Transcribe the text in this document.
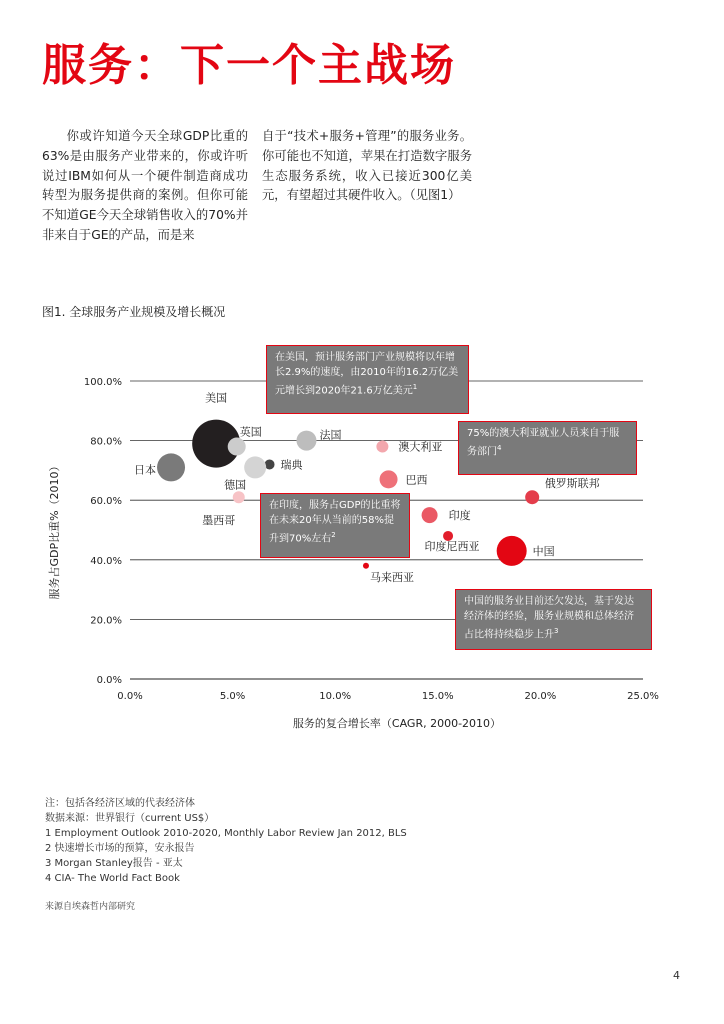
服务：下一个主战场
你或许知道今天全球GDP比重的63%是由服务产业带来的，你或许听说过IBM如何从一个硬件制造商成功转型为服务提供商的案例。但你可能不知道GE今天全球销售收入的70%并非来自于GE的产品，而是来
自于“技术+服务+管理”的服务业务。你可能也不知道，苹果在打造数字服务生态服务系统，收入已接近300亿美元，有望超过其硬件收入。（见图1）
图1. 全球服务产业规模及增长概况
美国
英国
日本
法国
瑞典
德国
墨西哥
澳大利亚
巴西	俄罗斯联邦
印度
印度尼西亚	中国
马来西亚
0.0%
20.0%
40.0%
60.0%
80.0%
100.0%
0.0%	5.0%	10.0%	15.0%	20.0%	25.0%
服务的复合增长率（CAGR, 2000-2010）
服务占GDP比重%（2010）
在美国，预计服务部门产业规模将以年增长2.9%的速度，由2010年的16.2万亿美元增长到2020年21.6万亿美元$^1$
75%的澳大利亚就业人员来自于服务部门$^4$
在印度，服务占GDP的比重将在未来20年从当前的58%提升到70%左右$^2$
中国的服务业目前还欠发达，基于发达经济体的经验，服务业规模和总体经济占比将持续稳步上升$^3$
注：包括各经济区域的代表经济体
数据来源：世界银行（current US$）
1 Employment Outlook 2010-2020, Monthly Labor Review Jan 2012, BLS
2 快速增长市场的预算，安永报告
3 Morgan Stanley报告 - 亚太
4 CIA- The World Fact Book
来源自埃森哲内部研究
4
